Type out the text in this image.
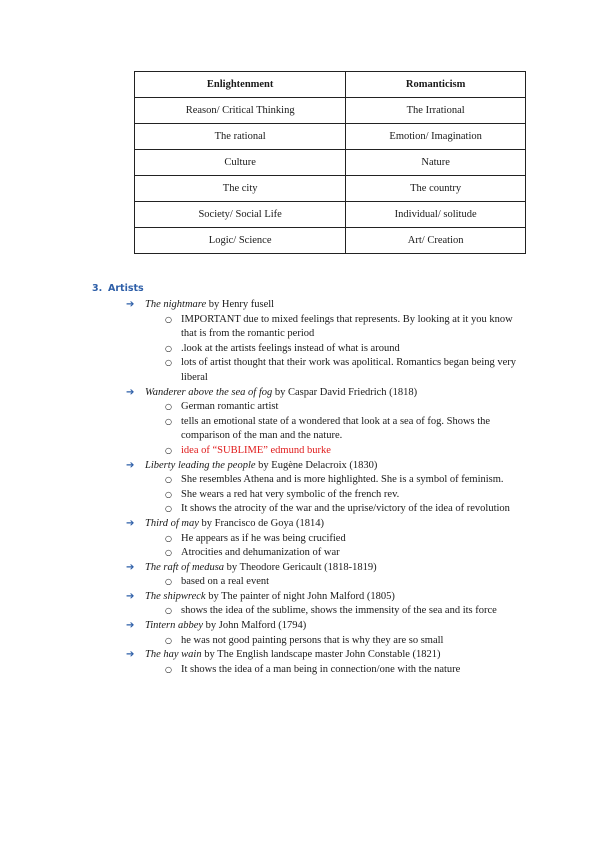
Enlightenment	Romanticism
Reason/ Critical Thinking	The Irrational
The rational	Emotion/ Imagination
Culture	Nature
The city	The country
Society/ Social Life	Individual/ solitude
Logic/ Science	Art/ Creation
3. Artists
➔ The nightmare by Henry fusell
○ IMPORTANT due to mixed feelings that represents. By looking at it you know that is from the romantic period
○ .look at the artists feelings instead of what is around
○ lots of artist thought that their work was apolitical. Romantics began being very liberal
➔ Wanderer above the sea of fog by Caspar David Friedrich (1818)
○ German romantic artist
○ tells an emotional state of a wondered that look at a sea of fog. Shows the comparison of the man and the nature.
○ idea of “SUBLIME” edmund burke
➔ Liberty leading the people by Eugène Delacroix (1830)
○ She resembles Athena and is more highlighted. She is a symbol of feminism.
○ She wears a red hat very symbolic of the french rev.
○ It shows the atrocity of the war and the uprise/victory of the idea of revolution
➔ Third of may by Francisco de Goya (1814)
○ He appears as if he was being crucified
○ Atrocities and dehumanization of war
➔ The raft of medusa by Theodore Gericault (1818-1819)
○ based on a real event
➔ The shipwreck by The painter of night John Malford (1805)
○ shows the idea of the sublime, shows the immensity of the sea and its force
➔ Tintern abbey by John Malford (1794)
○ he was not good painting persons that is why they are so small
➔ The hay wain by The English landscape master John Constable (1821)
○ It shows the idea of a man being in connection/one with the nature
